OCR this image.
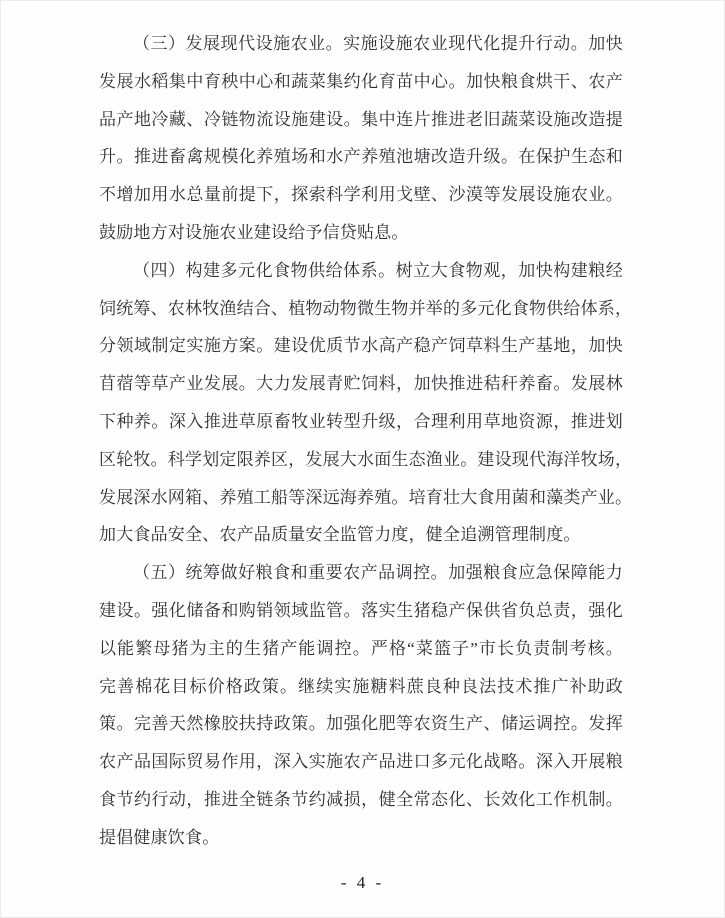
（三）发展现代设施农业。实施设施农业现代化提升行动。加快
发展水稻集中育秧中心和蔬菜集约化育苗中心。加快粮食烘干、农产
品产地冷藏、冷链物流设施建设。集中连片推进老旧蔬菜设施改造提
升。推进畜禽规模化养殖场和水产养殖池塘改造升级。在保护生态和
不增加用水总量前提下，探索科学利用戈壁、沙漠等发展设施农业。
鼓励地方对设施农业建设给予信贷贴息。
（四）构建多元化食物供给体系。树立大食物观，加快构建粮经
饲统筹、农林牧渔结合、植物动物微生物并举的多元化食物供给体系，
分领域制定实施方案。建设优质节水高产稳产饲草料生产基地，加快
苜蓿等草产业发展。大力发展青贮饲料，加快推进秸秆养畜。发展林
下种养。深入推进草原畜牧业转型升级，合理利用草地资源，推进划
区轮牧。科学划定限养区，发展大水面生态渔业。建设现代海洋牧场，
发展深水网箱、养殖工船等深远海养殖。培育壮大食用菌和藻类产业。
加大食品安全、农产品质量安全监管力度，健全追溯管理制度。
（五）统筹做好粮食和重要农产品调控。加强粮食应急保障能力
建设。强化储备和购销领域监管。落实生猪稳产保供省负总责，强化
以能繁母猪为主的生猪产能调控。严格“菜篮子”市长负责制考核。
完善棉花目标价格政策。继续实施糖料蔗良种良法技术推广补助政
策。完善天然橡胶扶持政策。加强化肥等农资生产、储运调控。发挥
农产品国际贸易作用，深入实施农产品进口多元化战略。深入开展粮
食节约行动，推进全链条节约减损，健全常态化、长效化工作机制。
提倡健康饮食。
- 4 -
